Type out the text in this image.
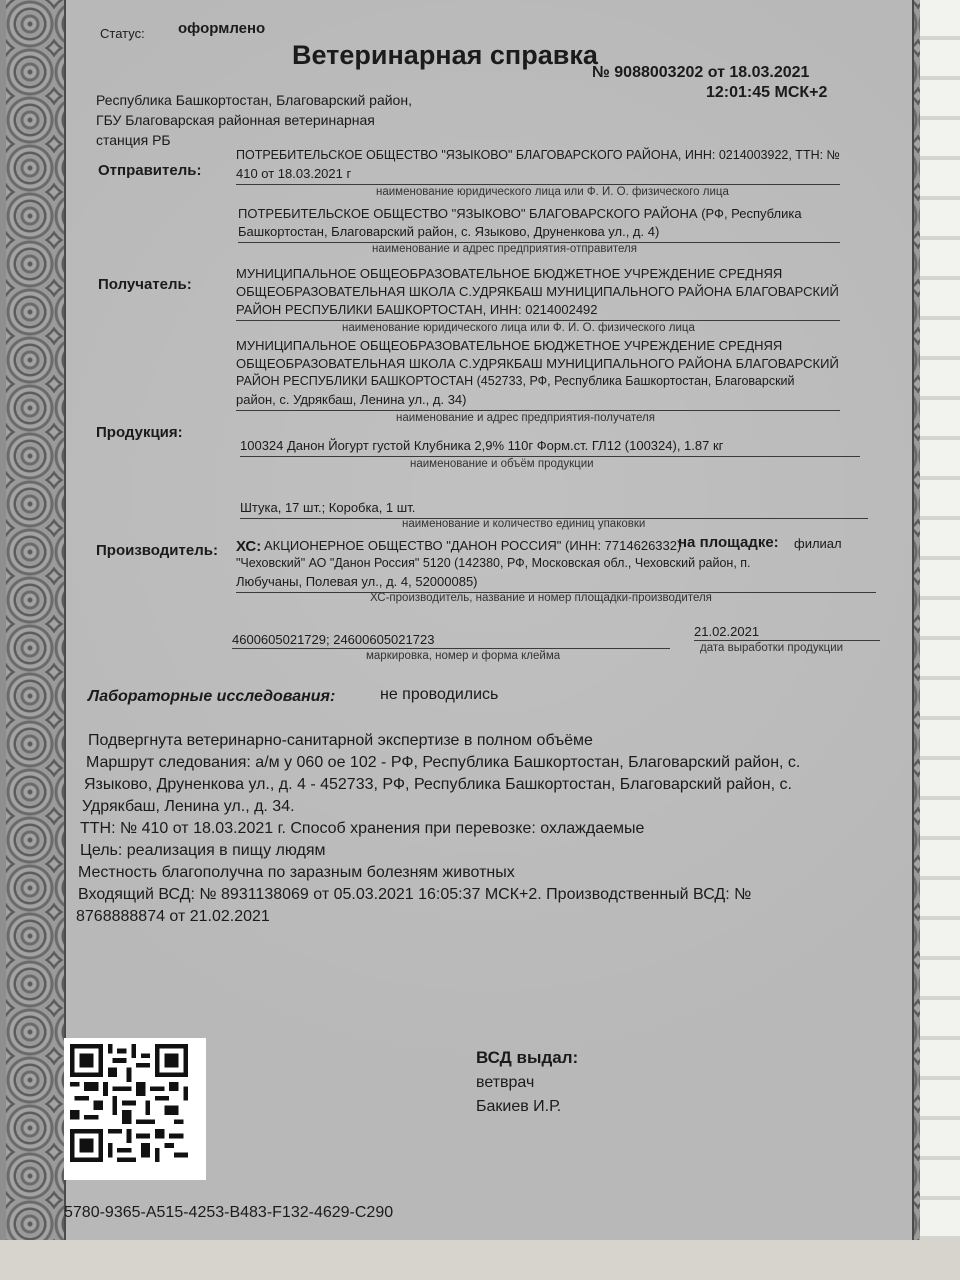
Статус: оформлено
Ветеринарная справка
№ 9088003202 от 18.03.2021
12:01:45 МСК+2
Республика Башкортостан, Благоварский район,
ГБУ Благоварская районная ветеринарная
станция РБ
Отправитель:
ПОТРЕБИТЕЛЬСКОЕ ОБЩЕСТВО "ЯЗЫКОВО" БЛАГОВАРСКОГО РАЙОНА, ИНН: 0214003922, ТТН: №
410 от 18.03.2021 г
наименование юридического лица или Ф. И. О. физического лица
ПОТРЕБИТЕЛЬСКОЕ ОБЩЕСТВО "ЯЗЫКОВО" БЛАГОВАРСКОГО РАЙОНА (РФ, Республика
Башкортостан, Благоварский район, с. Языково, Друненкова ул., д. 4)
наименование и адрес предприятия-отправителя
Получатель:
МУНИЦИПАЛЬНОЕ ОБЩЕОБРАЗОВАТЕЛЬНОЕ БЮДЖЕТНОЕ УЧРЕЖДЕНИЕ СРЕДНЯЯ
ОБЩЕОБРАЗОВАТЕЛЬНАЯ ШКОЛА С.УДРЯКБАШ МУНИЦИПАЛЬНОГО РАЙОНА БЛАГОВАРСКИЙ
РАЙОН РЕСПУБЛИКИ БАШКОРТОСТАН, ИНН: 0214002492
наименование юридического лица или Ф. И. О. физического лица
МУНИЦИПАЛЬНОЕ ОБЩЕОБРАЗОВАТЕЛЬНОЕ БЮДЖЕТНОЕ УЧРЕЖДЕНИЕ СРЕДНЯЯ
ОБЩЕОБРАЗОВАТЕЛЬНАЯ ШКОЛА С.УДРЯКБАШ МУНИЦИПАЛЬНОГО РАЙОНА БЛАГОВАРСКИЙ
РАЙОН РЕСПУБЛИКИ БАШКОРТОСТАН (452733, РФ, Республика Башкортостан, Благоварский
район, с. Удрякбаш, Ленина ул., д. 34)
наименование и адрес предприятия-получателя
Продукция:
100324 Данон Йогурт густой Клубника 2,9% 110г Форм.ст. ГЛ12 (100324), 1.87 кг
наименование и объём продукции
Штука, 17 шт.; Коробка, 1 шт.
наименование и количество единиц упаковки
Производитель: ХС: АКЦИОНЕРНОЕ ОБЩЕСТВО "ДАНОН РОССИЯ" (ИНН: 7714626332)
на площадке: филиал
"Чеховский" АО "Данон Россия" 5120 (142380, РФ, Московская обл., Чеховский район, п.
Любучаны, Полевая ул., д. 4, 52000085)
ХС-производитель, название и номер площадки-производителя
4600605021729; 24600605021723
маркировка, номер и форма клейма
21.02.2021
дата выработки продукции
Лабораторные исследования:	не проводились
Подвергнута ветеринарно-санитарной экспертизе в полном объёме
Маршрут следования: а/м у 060 ое 102 - РФ, Республика Башкортостан, Благоварский район, с.
Языково, Друненкова ул., д. 4 - 452733, РФ, Республика Башкортостан, Благоварский район, с.
Удрякбаш, Ленина ул., д. 34.
ТТН: № 410 от 18.03.2021 г. Способ хранения при перевозке: охлаждаемые
Цель: реализация в пищу людям
Местность благополучна по заразным болезням животных
Входящий ВСД: № 8931138069 от 05.03.2021 16:05:37 МСК+2. Производственный ВСД: №
8768888874 от 21.02.2021
ВСД выдал:
ветврач
Бакиев И.Р.
5780-9365-A515-4253-B483-F132-4629-C290
